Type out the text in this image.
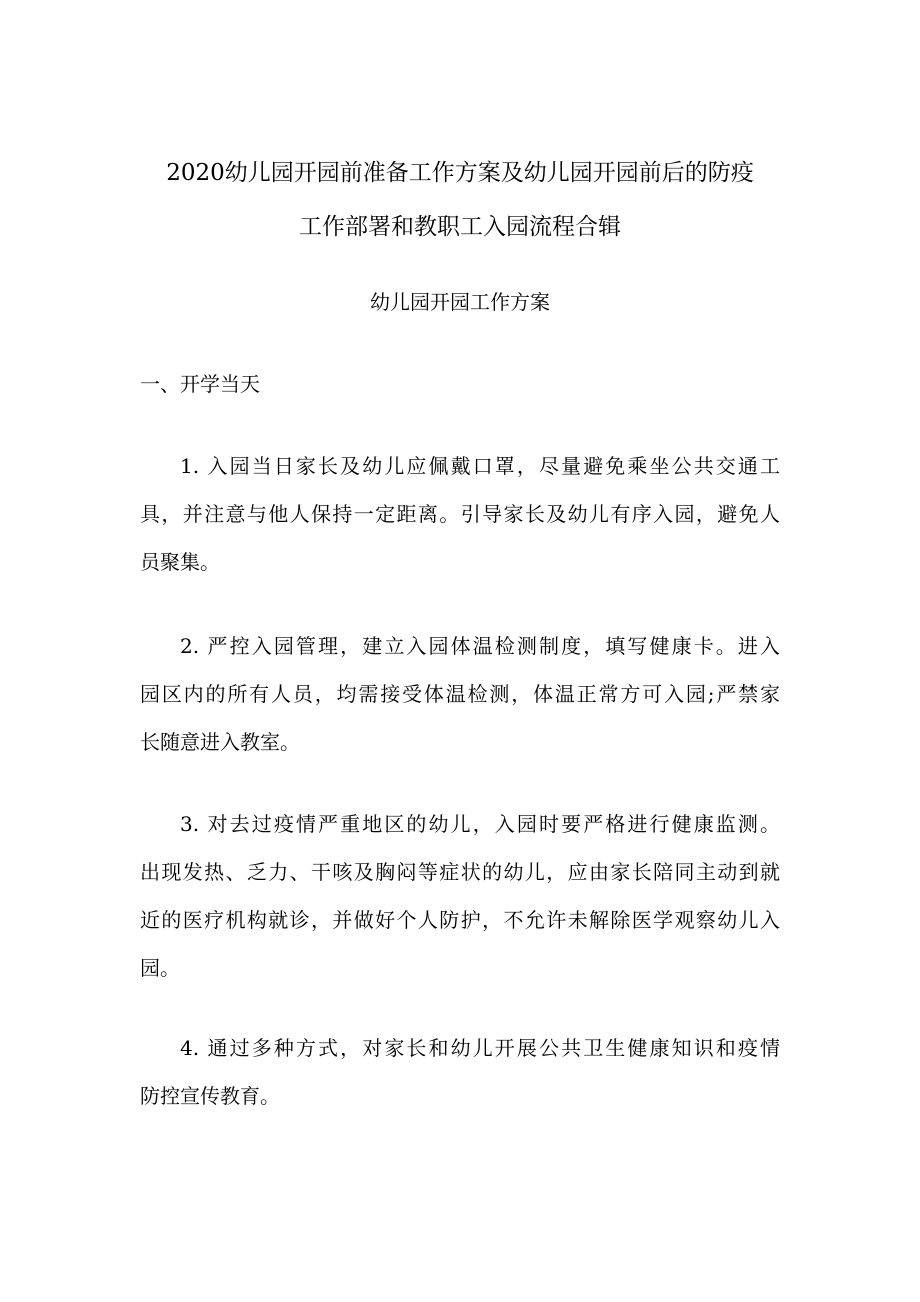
2020幼儿园开园前准备工作方案及幼儿园开园前后的防疫
工作部署和教职工入园流程合辑
幼儿园开园工作方案
一、开学当天
1. 入园当日家长及幼儿应佩戴口罩，尽量避免乘坐公共交通工
具，并注意与他人保持一定距离。引导家长及幼儿有序入园，避免人
员聚集。
2. 严控入园管理，建立入园体温检测制度，填写健康卡。进入
园区内的所有人员，均需接受体温检测，体温正常方可入园;严禁家
长随意进入教室。
3. 对去过疫情严重地区的幼儿，入园时要严格进行健康监测。
出现发热、乏力、干咳及胸闷等症状的幼儿，应由家长陪同主动到就
近的医疗机构就诊，并做好个人防护，不允许未解除医学观察幼儿入
园。
4. 通过多种方式，对家长和幼儿开展公共卫生健康知识和疫情
防控宣传教育。
